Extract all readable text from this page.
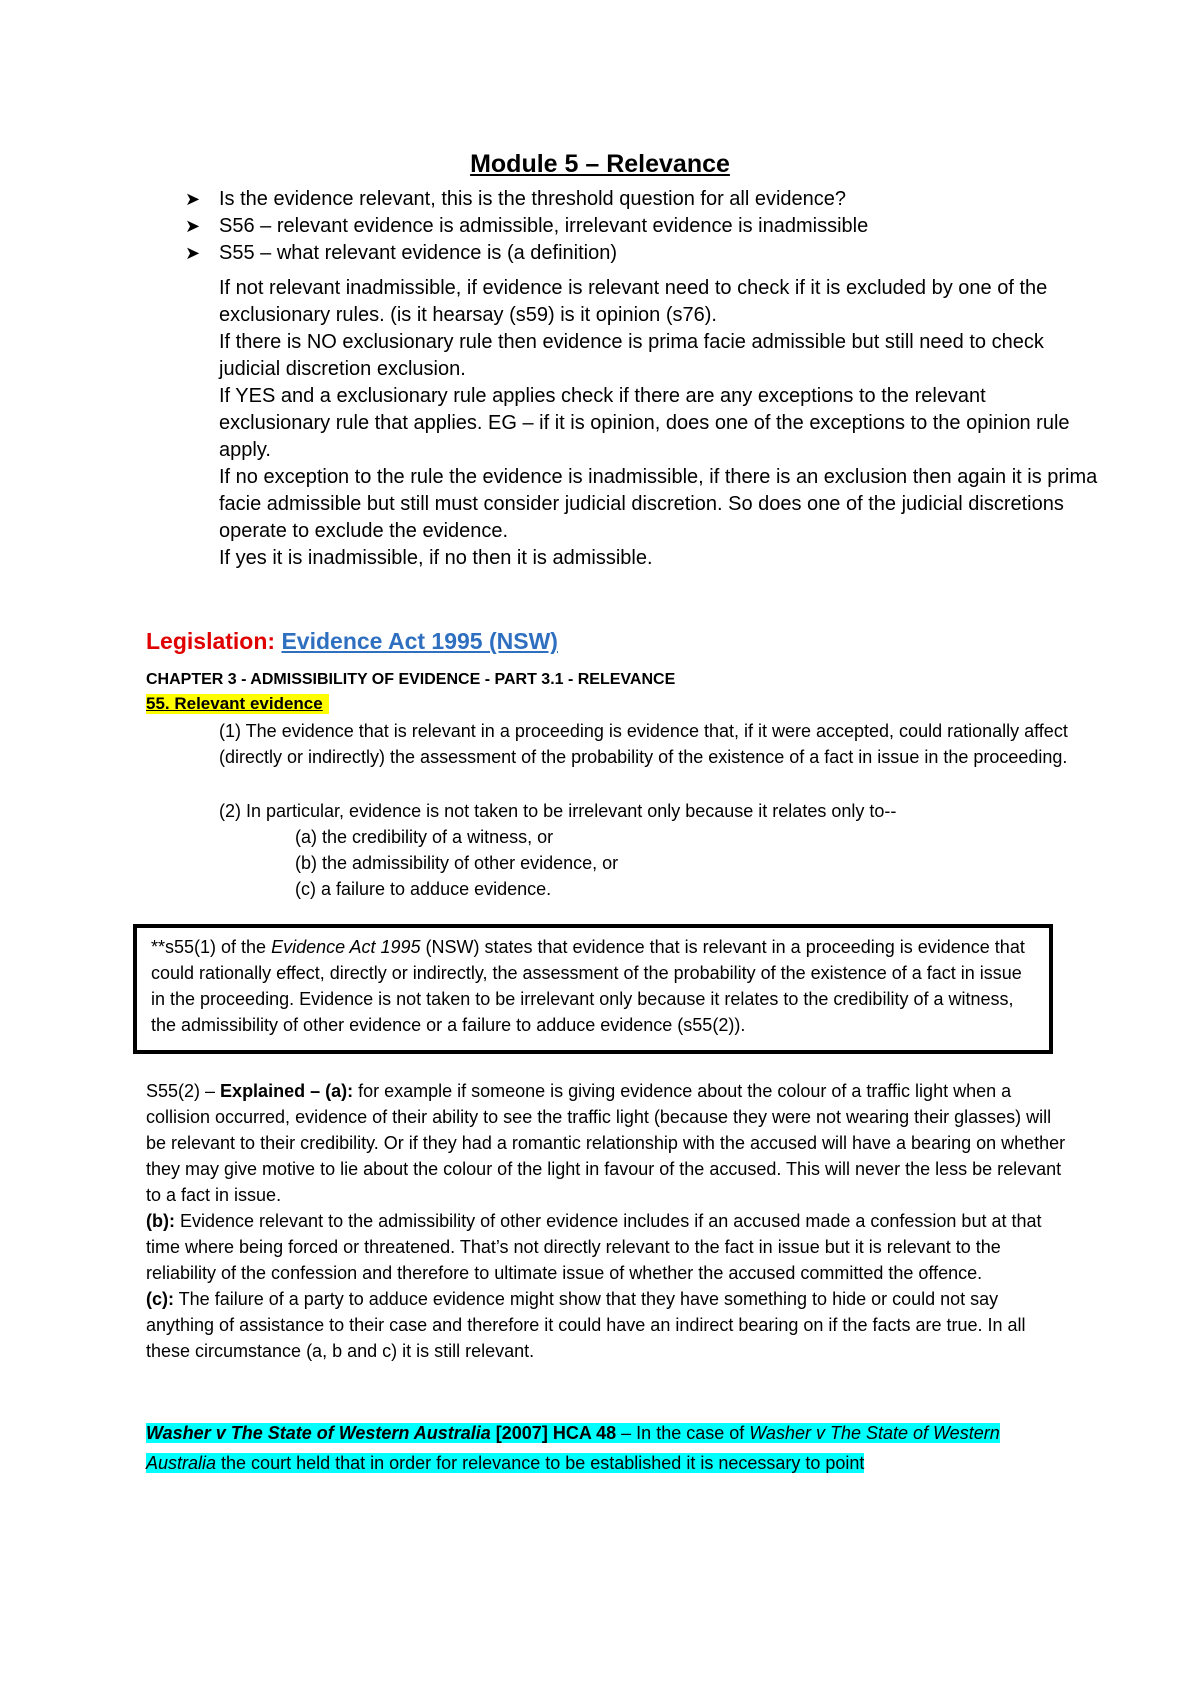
Module 5 – Relevance
➤ Is the evidence relevant, this is the threshold question for all evidence?
➤ S56 – relevant evidence is admissible, irrelevant evidence is inadmissible
➤ S55 – what relevant evidence is (a definition)

If not relevant inadmissible, if evidence is relevant need to check if it is excluded by one of the exclusionary rules. (is it hearsay (s59) is it opinion (s76).

If there is NO exclusionary rule then evidence is prima facie admissible but still need to check judicial discretion exclusion.

If YES and a exclusionary rule applies check if there are any exceptions to the relevant exclusionary rule that applies. EG – if it is opinion, does one of the exceptions to the opinion rule apply.

If no exception to the rule the evidence is inadmissible, if there is an exclusion then again it is prima facie admissible but still must consider judicial discretion. So does one of the judicial discretions operate to exclude the evidence.

If yes it is inadmissible, if no then it is admissible.

Legislation: Evidence Act 1995 (NSW)

CHAPTER 3 - ADMISSIBILITY OF EVIDENCE - PART 3.1 - RELEVANCE

55. Relevant evidence

(1) The evidence that is relevant in a proceeding is evidence that, if it were accepted, could rationally affect (directly or indirectly) the assessment of the probability of the existence of a fact in issue in the proceeding.

(2) In particular, evidence is not taken to be irrelevant only because it relates only to--

(a) the credibility of a witness, or

(b) the admissibility of other evidence, or

(c) a failure to adduce evidence.

**s55(1) of the Evidence Act 1995 (NSW) states that evidence that is relevant in a proceeding is evidence that could rationally effect, directly or indirectly, the assessment of the probability of the existence of a fact in issue in the proceeding. Evidence is not taken to be irrelevant only because it relates to the credibility of a witness, the admissibility of other evidence or a failure to adduce evidence (s55(2)).

S55(2) – Explained – (a): for example if someone is giving evidence about the colour of a traffic light when a collision occurred, evidence of their ability to see the traffic light (because they were not wearing their glasses) will be relevant to their credibility. Or if they had a romantic relationship with the accused will have a bearing on whether they may give motive to lie about the colour of the light in favour of the accused. This will never the less be relevant to a fact in issue.

(b): Evidence relevant to the admissibility of other evidence includes if an accused made a confession but at that time where being forced or threatened. That’s not directly relevant to the fact in issue but it is relevant to the reliability of the confession and therefore to ultimate issue of whether the accused committed the offence.

(c): The failure of a party to adduce evidence might show that they have something to hide or could not say anything of assistance to their case and therefore it could have an indirect bearing on if the facts are true. In all these circumstance (a, b and c) it is still relevant.

Washer v The State of Western Australia [2007] HCA 48 – In the case of Washer v The State of Western Australia the court held that in order for relevance to be established it is necessary to point
